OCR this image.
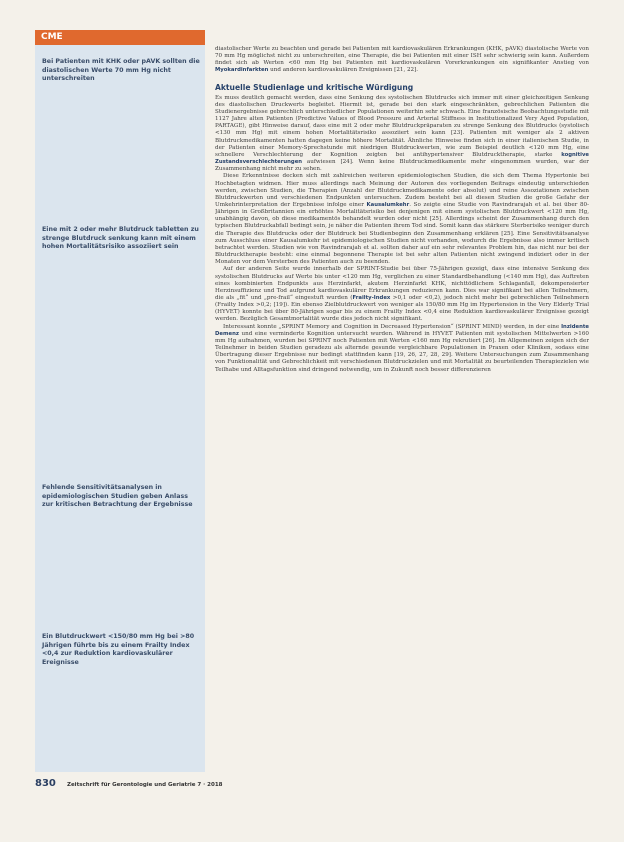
CME

Bei Patienten mit KHK oder pAVK sollten die diastolischen Werte 70 mm Hg nicht unterschreiten

Eine mit 2 oder mehr Blutdruck tabletten zu strenge Blutdruck senkung kann mit einem hohen Mortalitätsrisiko assoziiert sein

Fehlende Sensitivitätsanalysen in epidemiologischen Studien geben Anlass zur kritischen Betrachtung der Ergebnisse

Ein Blutdruckwert <150/80 mm Hg bei >80 Jährigen führte bis zu einem Frailty Index <0,4 zur Reduktion kardiovaskulärer Ereignisse

diastolischer Werte zu beachten und gerade bei Patienten mit kardiovaskulären Erkrankungen (KHK, pAVK) diastolische Werte von 70 mm Hg möglichst nicht zu unterschreiten, eine Therapie, die bei Patienten mit einer ISH sehr schwierig sein kann. Außerdem findet sich ab Werten <60 mm Hg bei Patienten mit kardiovaskulären Vorerkrankungen ein signifikanter Anstieg von Myokardinfarkten und anderen kardiovaskulären Ereignissen [21, 22].

Aktuelle Studienlage und kritische Würdigung

Es muss deutlich gemacht werden, dass eine Senkung des systolischen Blutdrucks sich immer mit einer gleichzeitigen Senkung des diastolischen Druckwerts begleitet. Hiermit ist, gerade bei den stark eingeschränkten, gebrechlichen Patienten die Studienergebnisse gebrechlich unterschiedlicher Populationen weiterhin sehr schwach. Eine französische Beobachtungsstudie mit 1127 Jahre alten Patienten (Predictive Values of Blood Pressure and Arterial Stiffness in Institutionalized Very Aged Population, PARTAGE), gibt Hinweise darauf, dass eine mit 2 oder mehr Blutdruckpräparaten zu strenge Senkung des Blutdrucks (systolisch <130 mm Hg) mit einem hohen Mortalitätsrisiko assoziiert sein kann [23]. Patienten mit weniger als 2 aktiven Blutdruckmedikamenten hatten dagegen keine höhere Mortalität. Ähnliche Hinweise finden sich in einer italienischen Studie, in der Patienten einer Memory-Sprechstunde mit niedrigen Blutdruckwerten, wie zum Beispiel deutlich <120 mm Hg, eine schnellere Verschlechterung der Kognition zeigten bei antihypertensiver Blutdrucktherapie, starke kognitive Zustandsverschlechterungen aufwiesen [24]. Wenn keine Blutdruckmedikamente mehr eingenommen wurden, war der Zusammenhang nicht mehr zu sehen.

Diese Erkenntnisse decken sich mit zahlreichen weiteren epidemiologischen Studien, die sich dem Thema Hypertonie bei Hochbetagten widmen. Hier muss allerdings nach Meinung der Autoren des vorliegenden Beitrags eindeutig unterschieden werden, zwischen Studien, die Therapien (Anzahl der Blutdruckmedikamente oder absolut) und reine Assoziationen zwischen Blutdruckwerten und verschiedenen Endpunkten untersuchen. Zudem besteht bei all diesen Studien die große Gefahr der Umkehrinterpretation der Ergebnisse infolge einer Kausalumkehr. So zeigte eine Studie von Ravindrarajah et al. bei über 80-Jährigen in Großbritannien ein erhöhtes Mortalitätsrisiko bei denjenigen mit einem systolischen Blutdruckwert <120 mm Hg, unabhängig davon, ob diese medikamentös behandelt wurden oder nicht [25]. Allerdings scheint der Zusammenhang durch den typischen Blutdruckabfall bedingt sein, je näher die Patienten ihrem Tod sind. Somit kann das stärkere Sterberisiko weniger durch die Therapie des Blutdrucks oder der Blutdruck bei Studienbeginn den Zusammenhang erklären [25]. Eine Sensitivitätsanalyse zum Ausschluss einer Kausalumkehr ist epidemiologischen Studien nicht vorhanden, wodurch die Ergebnisse also immer kritisch betrachtet werden. Studien wie von Ravindrarajah et al. sollten daher auf ein sehr relevantes Problem hin, das nicht nur bei der Blutdrucktherapie besteht: eine einmal begonnene Therapie ist bei sehr alten Patienten nicht zwingend indiziert oder in der Monaten vor dem Versterben des Patienten auch zu beenden.

Auf der anderen Seite wurde innerhalb der SPRINT-Studie bei über 75-Jährigen gezeigt, dass eine intensive Senkung des systolischen Blutdrucks auf Werte bis unter <120 mm Hg, verglichen zu einer Standardbehandlung (<140 mm Hg), das Auftreten eines kombinierten Endpunkts aus Herzinfarkt, akutem Herzinfarkt KHK, nichttödlichem Schlaganfall, dekompensierter Herzinsuffizienz und Tod aufgrund kardiovaskulärer Erkrankungen reduzieren kann. Dies war signifikant bei allen Teilnehmern, die als „fit“ und „pre-frail“ eingestuft wurden (Frailty-Index >0,1 oder <0,2), jedoch nicht mehr bei gebrechlichen Teilnehmern (Frailty Index >0,2; [19]). Ein ebenso Zielblutdruckwert von weniger als 150/80 mm Hg im Hypertension in the Very Elderly Trial (HYVET) konnte bei über 80-Jährigen sogar bis zu einem Frailty Index <0,4 eine Reduktion kardiovaskulärer Ereignisse gezeigt werden. Bezüglich Gesamtmortalität wurde dies jedoch nicht signifikant.

Interessant konnte „SPRINT Memory and Cognition in Decreased Hypertension“ (SPRINT MIND) werden, in der eine Inzidente Demenz und eine verminderte Kognition untersucht wurden. Während in HYVET Patienten mit systolischen Mittelwerten >160 mm Hg aufnahmen, wurden bei SPRINT noch Patienten mit Werten <160 mm Hg rekrutiert [26]. Im Allgemeinen zeigen sich der Teilnehmer in beiden Studien geradezu als alternde gesunde vergleichbare Populationen in Praxen oder Kliniken, sodass eine Übertragung dieser Ergebnisse nur bedingt stattfinden kann [19, 26, 27, 28, 29]. Weitere Untersuchungen zum Zusammenhang von Funktionalität und Gebrechlichkeit mit verschiedenen Blutdruckzielen und mit Mortalität zu beurteilenden Therapiezielen wie Teilhabe und Alltagsfunktion sind dringend notwendig, um in Zukunft noch besser differenzieren

830 Zeitschrift für Gerontologie und Geriatrie 7 · 2018
